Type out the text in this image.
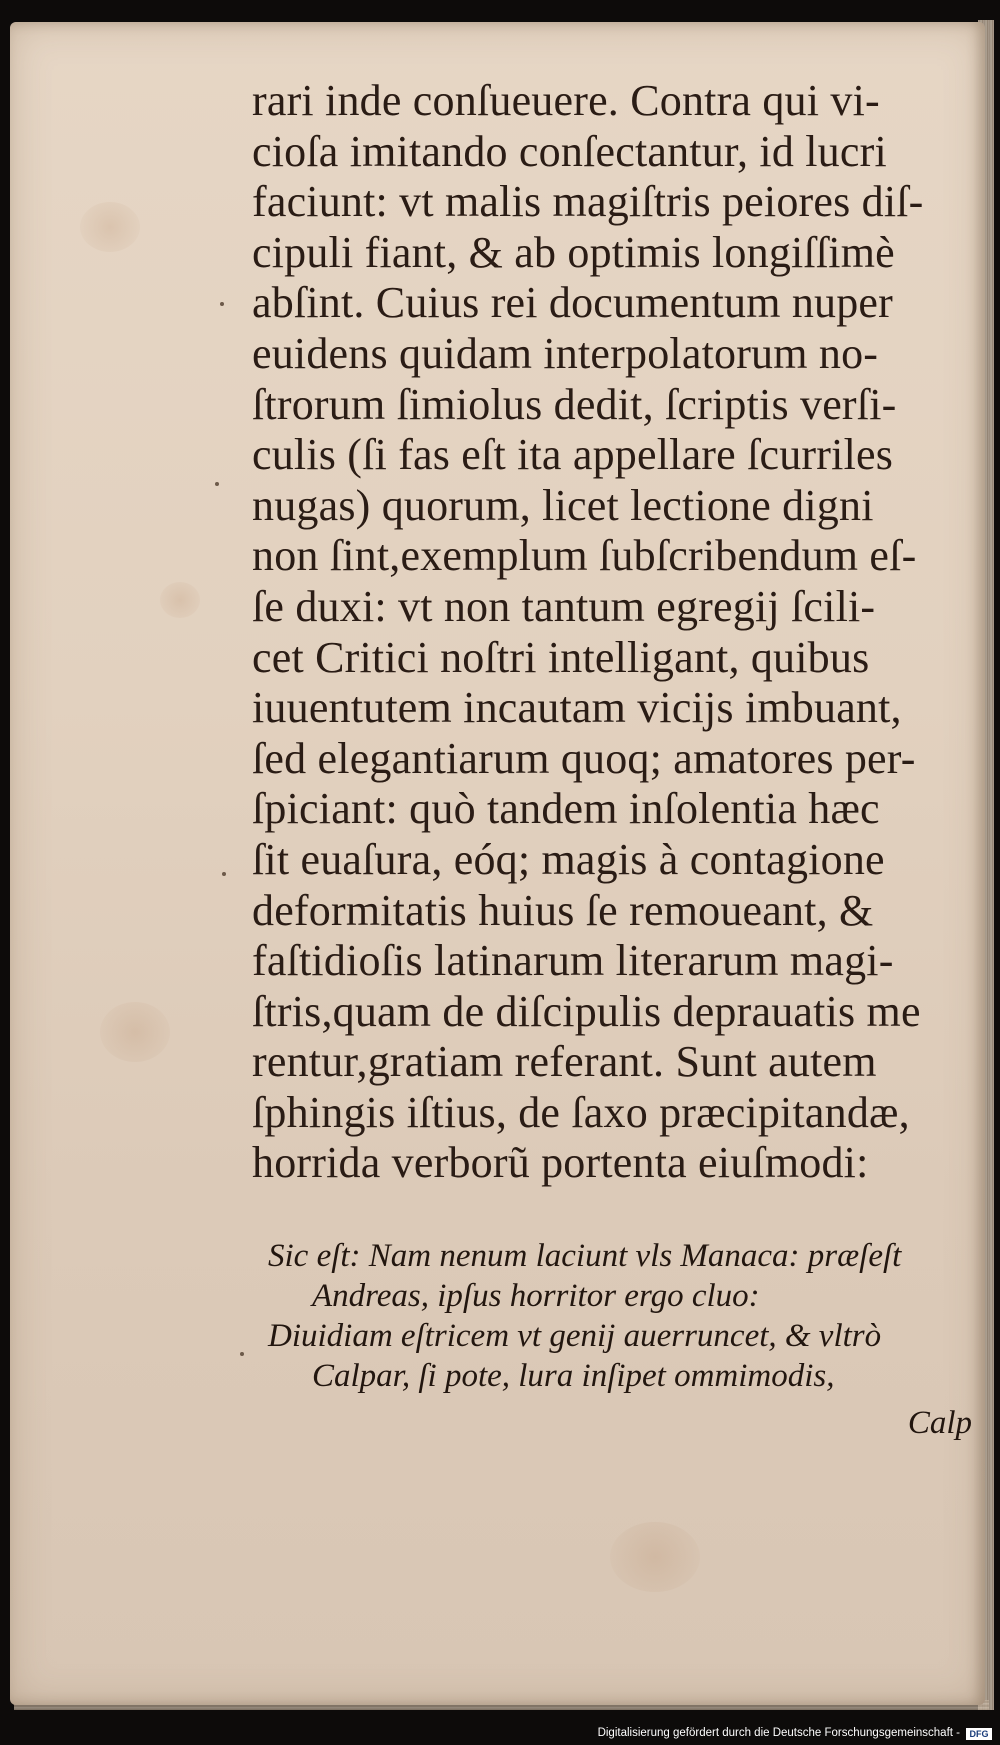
rari inde conſueuere. Contra qui vi-
cioſa imitando conſectantur, id lucri
faciunt: vt malis magiſtris peiores diſ-
cipuli fiant, & ab optimis longiſſimè
abſint. Cuius rei documentum nuper
euidens quidam interpolatorum no-
ſtrorum ſimiolus dedit, ſcriptis verſi-
culis (ſi fas eſt ita appellare ſcurriles
nugas) quorum, licet lectione digni
non ſint,exemplum ſubſcribendum eſ-
ſe duxi: vt non tantum egregij ſcili-
cet Critici noſtri intelligant, quibus
iuuentutem incautam vicijs imbuant,
ſed elegantiarum quoq; amatores per-
ſpiciant: quò tandem inſolentia hæc
ſit euaſura, eóq; magis à contagione
deformitatis huius ſe remoueant, &
faſtidioſis latinarum literarum magi-
ſtris,quam de diſcipulis deprauatis me
rentur,gratiam referant. Sunt autem
ſphingis iſtius, de ſaxo præcipitandæ,
horrida verborũ portenta eiuſmodi:
Sic eſt: Nam nenum laciunt vls Manaca: præſeſt
Andreas, ipſus horritor ergo cluo:
Diuidiam eſtricem vt genij auerruncet, & vltrò
Calpar, ſi pote, lura inſipet ommimodis,
Calp
Digitalisierung gefördert durch die Deutsche Forschungsgemeinschaft -	DFG
